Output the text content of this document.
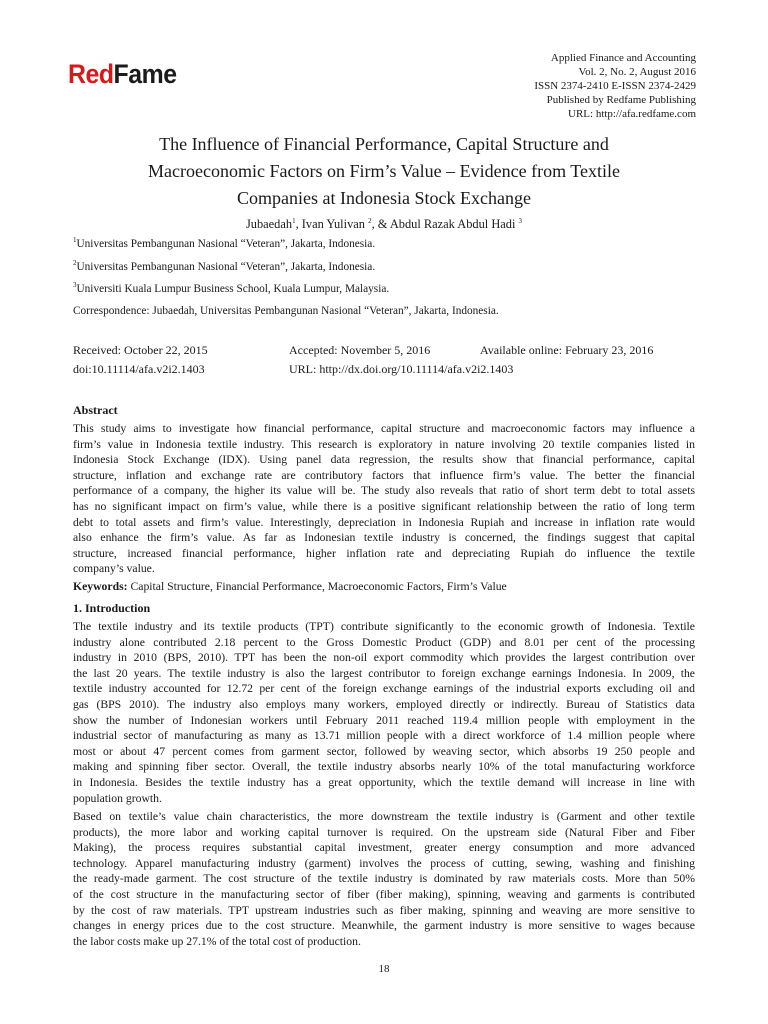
RedFame
Applied Finance and Accounting
Vol. 2, No. 2, August 2016
ISSN 2374-2410 E-ISSN 2374-2429
Published by Redfame Publishing
URL: http://afa.redfame.com
The Influence of Financial Performance, Capital Structure and
Macroeconomic Factors on Firm’s Value – Evidence from Textile
Companies at Indonesia Stock Exchange
Jubaedah$^1$, Ivan Yulivan $^2$, & Abdul Razak Abdul Hadi $^3$
$^1$Universitas Pembangunan Nasional “Veteran”, Jakarta, Indonesia.
$^2$Universitas Pembangunan Nasional “Veteran”, Jakarta, Indonesia.
$^3$Universiti Kuala Lumpur Business School, Kuala Lumpur, Malaysia.
Correspondence: Jubaedah, Universitas Pembangunan Nasional “Veteran”, Jakarta, Indonesia.
Received: October 22, 2015	Accepted: November 5, 2016	Available online: February 23, 2016
doi:10.11114/afa.v2i2.1403	URL: http://dx.doi.org/10.11114/afa.v2i2.1403
Abstract
This study aims to investigate how financial performance, capital structure and macroeconomic factors may influence a
firm’s value in Indonesia textile industry. This research is exploratory in nature involving 20 textile companies listed in
Indonesia Stock Exchange (IDX). Using panel data regression, the results show that financial performance, capital
structure, inflation and exchange rate are contributory factors that influence firm’s value. The better the financial
performance of a company, the higher its value will be. The study also reveals that ratio of short term debt to total assets
has no significant impact on firm’s value, while there is a positive significant relationship between the ratio of long term
debt to total assets and firm’s value. Interestingly, depreciation in Indonesia Rupiah and increase in inflation rate would
also enhance the firm’s value. As far as Indonesian textile industry is concerned, the findings suggest that capital
structure, increased financial performance, higher inflation rate and depreciating Rupiah do influence the textile
company’s value.
Keywords: Capital Structure, Financial Performance, Macroeconomic Factors, Firm’s Value
1. Introduction
The textile industry and its textile products (TPT) contribute significantly to the economic growth of Indonesia. Textile
industry alone contributed 2.18 percent to the Gross Domestic Product (GDP) and 8.01 per cent of the processing
industry in 2010 (BPS, 2010). TPT has been the non-oil export commodity which provides the largest contribution over
the last 20 years. The textile industry is also the largest contributor to foreign exchange earnings Indonesia. In 2009, the
textile industry accounted for 12.72 per cent of the foreign exchange earnings of the industrial exports excluding oil and
gas (BPS 2010). The industry also employs many workers, employed directly or indirectly. Bureau of Statistics data
show the number of Indonesian workers until February 2011 reached 119.4 million people with employment in the
industrial sector of manufacturing as many as 13.71 million people with a direct workforce of 1.4 million people where
most or about 47 percent comes from garment sector, followed by weaving sector, which absorbs 19 250 people and
making and spinning fiber sector. Overall, the textile industry absorbs nearly 10% of the total manufacturing workforce
in Indonesia. Besides the textile industry has a great opportunity, which the textile demand will increase in line with
population growth.
Based on textile’s value chain characteristics, the more downstream the textile industry is (Garment and other textile
products), the more labor and working capital turnover is required. On the upstream side (Natural Fiber and Fiber
Making), the process requires substantial capital investment, greater energy consumption and more advanced
technology. Apparel manufacturing industry (garment) involves the process of cutting, sewing, washing and finishing
the ready-made garment. The cost structure of the textile industry is dominated by raw materials costs. More than 50%
of the cost structure in the manufacturing sector of fiber (fiber making), spinning, weaving and garments is contributed
by the cost of raw materials. TPT upstream industries such as fiber making, spinning and weaving are more sensitive to
changes in energy prices due to the cost structure. Meanwhile, the garment industry is more sensitive to wages because
the labor costs make up 27.1% of the total cost of production.
18
